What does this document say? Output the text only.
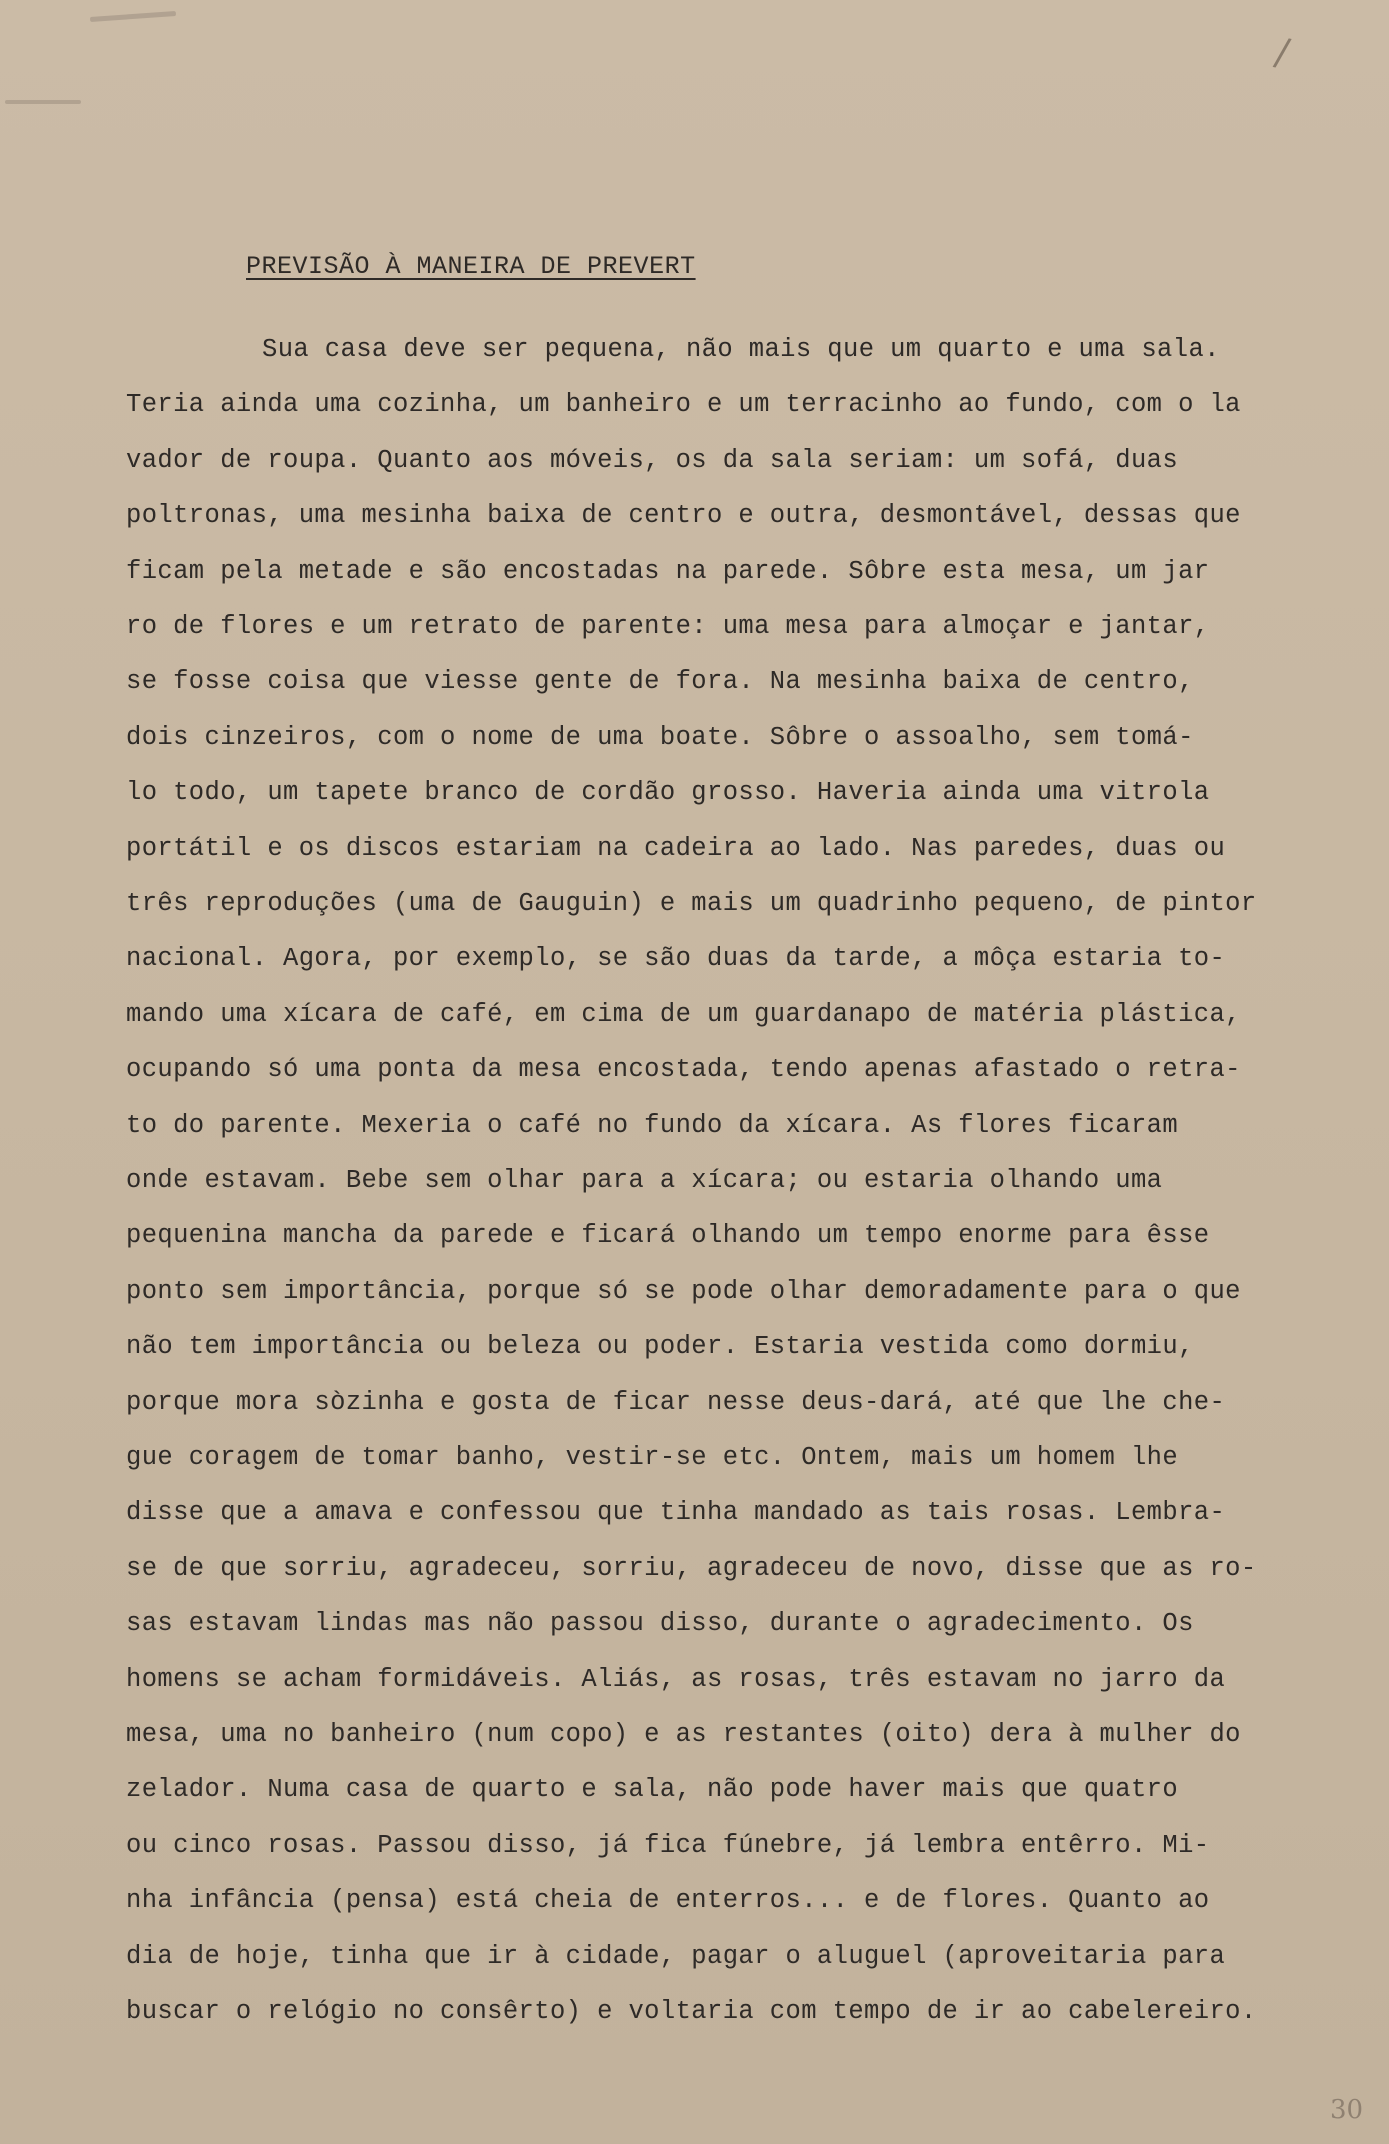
/
PREVISÃO À MANEIRA DE PREVERT
Sua casa deve ser pequena, não mais que um quarto e uma sala.
Teria ainda uma cozinha, um banheiro e um terracinho ao fundo, com o la
vador de roupa. Quanto aos móveis, os da sala seriam: um sofá, duas
poltronas, uma mesinha baixa de centro e outra, desmontável, dessas que
ficam pela metade e são encostadas na parede. Sôbre esta mesa, um jar
ro de flores e um retrato de parente: uma mesa para almoçar e jantar,
se fosse coisa que viesse gente de fora. Na mesinha baixa de centro,
dois cinzeiros, com o nome de uma boate. Sôbre o assoalho, sem tomá-
lo todo, um tapete branco de cordão grosso. Haveria ainda uma vitrola
portátil e os discos estariam na cadeira ao lado. Nas paredes, duas ou
três reproduções (uma de Gauguin) e mais um quadrinho pequeno, de pintor
nacional. Agora, por exemplo, se são duas da tarde, a môça estaria to-
mando uma xícara de café, em cima de um guardanapo de matéria plástica,
ocupando só uma ponta da mesa encostada, tendo apenas afastado o retra-
to do parente. Mexeria o café no fundo da xícara. As flores ficaram
onde estavam. Bebe sem olhar para a xícara; ou estaria olhando uma
pequenina mancha da parede e ficará olhando um tempo enorme para êsse
ponto sem importância, porque só se pode olhar demoradamente para o que
não tem importância ou beleza ou poder. Estaria vestida como dormiu,
porque mora sòzinha e gosta de ficar nesse deus-dará, até que lhe che-
gue coragem de tomar banho, vestir-se etc. Ontem, mais um homem lhe
disse que a amava e confessou que tinha mandado as tais rosas. Lembra-
se de que sorriu, agradeceu, sorriu, agradeceu de novo, disse que as ro-
sas estavam lindas mas não passou disso, durante o agradecimento. Os
homens se acham formidáveis. Aliás, as rosas, três estavam no jarro da
mesa, uma no banheiro (num copo) e as restantes (oito) dera à mulher do
zelador. Numa casa de quarto e sala, não pode haver mais que quatro
ou cinco rosas. Passou disso, já fica fúnebre, já lembra entêrro. Mi-
nha infância (pensa) está cheia de enterros... e de flores. Quanto ao
dia de hoje, tinha que ir à cidade, pagar o aluguel (aproveitaria para
buscar o relógio no consêrto) e voltaria com tempo de ir ao cabelereiro.
30
